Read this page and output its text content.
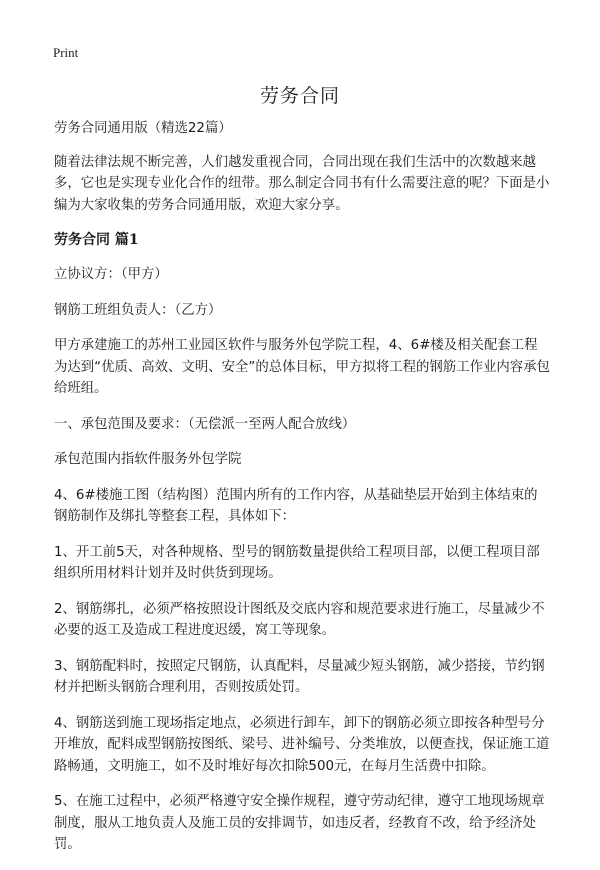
Print
劳务合同

劳务合同通用版（精选22篇）

随着法律法规不断完善，人们越发重视合同，合同出现在我们生活中的次数越来越多，它也是实现专业化合作的纽带。那么制定合同书有什么需要注意的呢？下面是小编为大家收集的劳务合同通用版，欢迎大家分享。

劳务合同 篇1

立协议方：（甲方）

钢筋工班组负责人：（乙方）

甲方承建施工的苏州工业园区软件与服务外包学院工程，4、6#楼及相关配套工程为达到“优质、高效、文明、安全”的总体目标，甲方拟将工程的钢筋工作业内容承包给班组。

一、承包范围及要求：（无偿派一至两人配合放线）

承包范围内指软件服务外包学院

4、6#楼施工图（结构图）范围内所有的工作内容，从基础垫层开始到主体结束的钢筋制作及绑扎等整套工程，具体如下：

1、开工前5天，对各种规格、型号的钢筋数量提供给工程项目部，以便工程项目部组织所用材料计划并及时供货到现场。

2、钢筋绑扎，必须严格按照设计图纸及交底内容和规范要求进行施工，尽量减少不必要的返工及造成工程进度迟缓，窝工等现象。

3、钢筋配料时，按照定尺钢筋，认真配料，尽量减少短头钢筋，减少搭接，节约钢材并把断头钢筋合理利用，否则按质处罚。

4、钢筋送到施工现场指定地点，必须进行卸车，卸下的钢筋必须立即按各种型号分开堆放，配料成型钢筋按图纸、梁号、进补编号、分类堆放，以便查找，保证施工道路畅通，文明施工，如不及时堆好每次扣除500元，在每月生活费中扣除。

5、在施工过程中，必须严格遵守安全操作规程，遵守劳动纪律，遵守工地现场规章制度，服从工地负责人及施工员的安排调节，如违反者，经教育不改，给予经济处罚。
